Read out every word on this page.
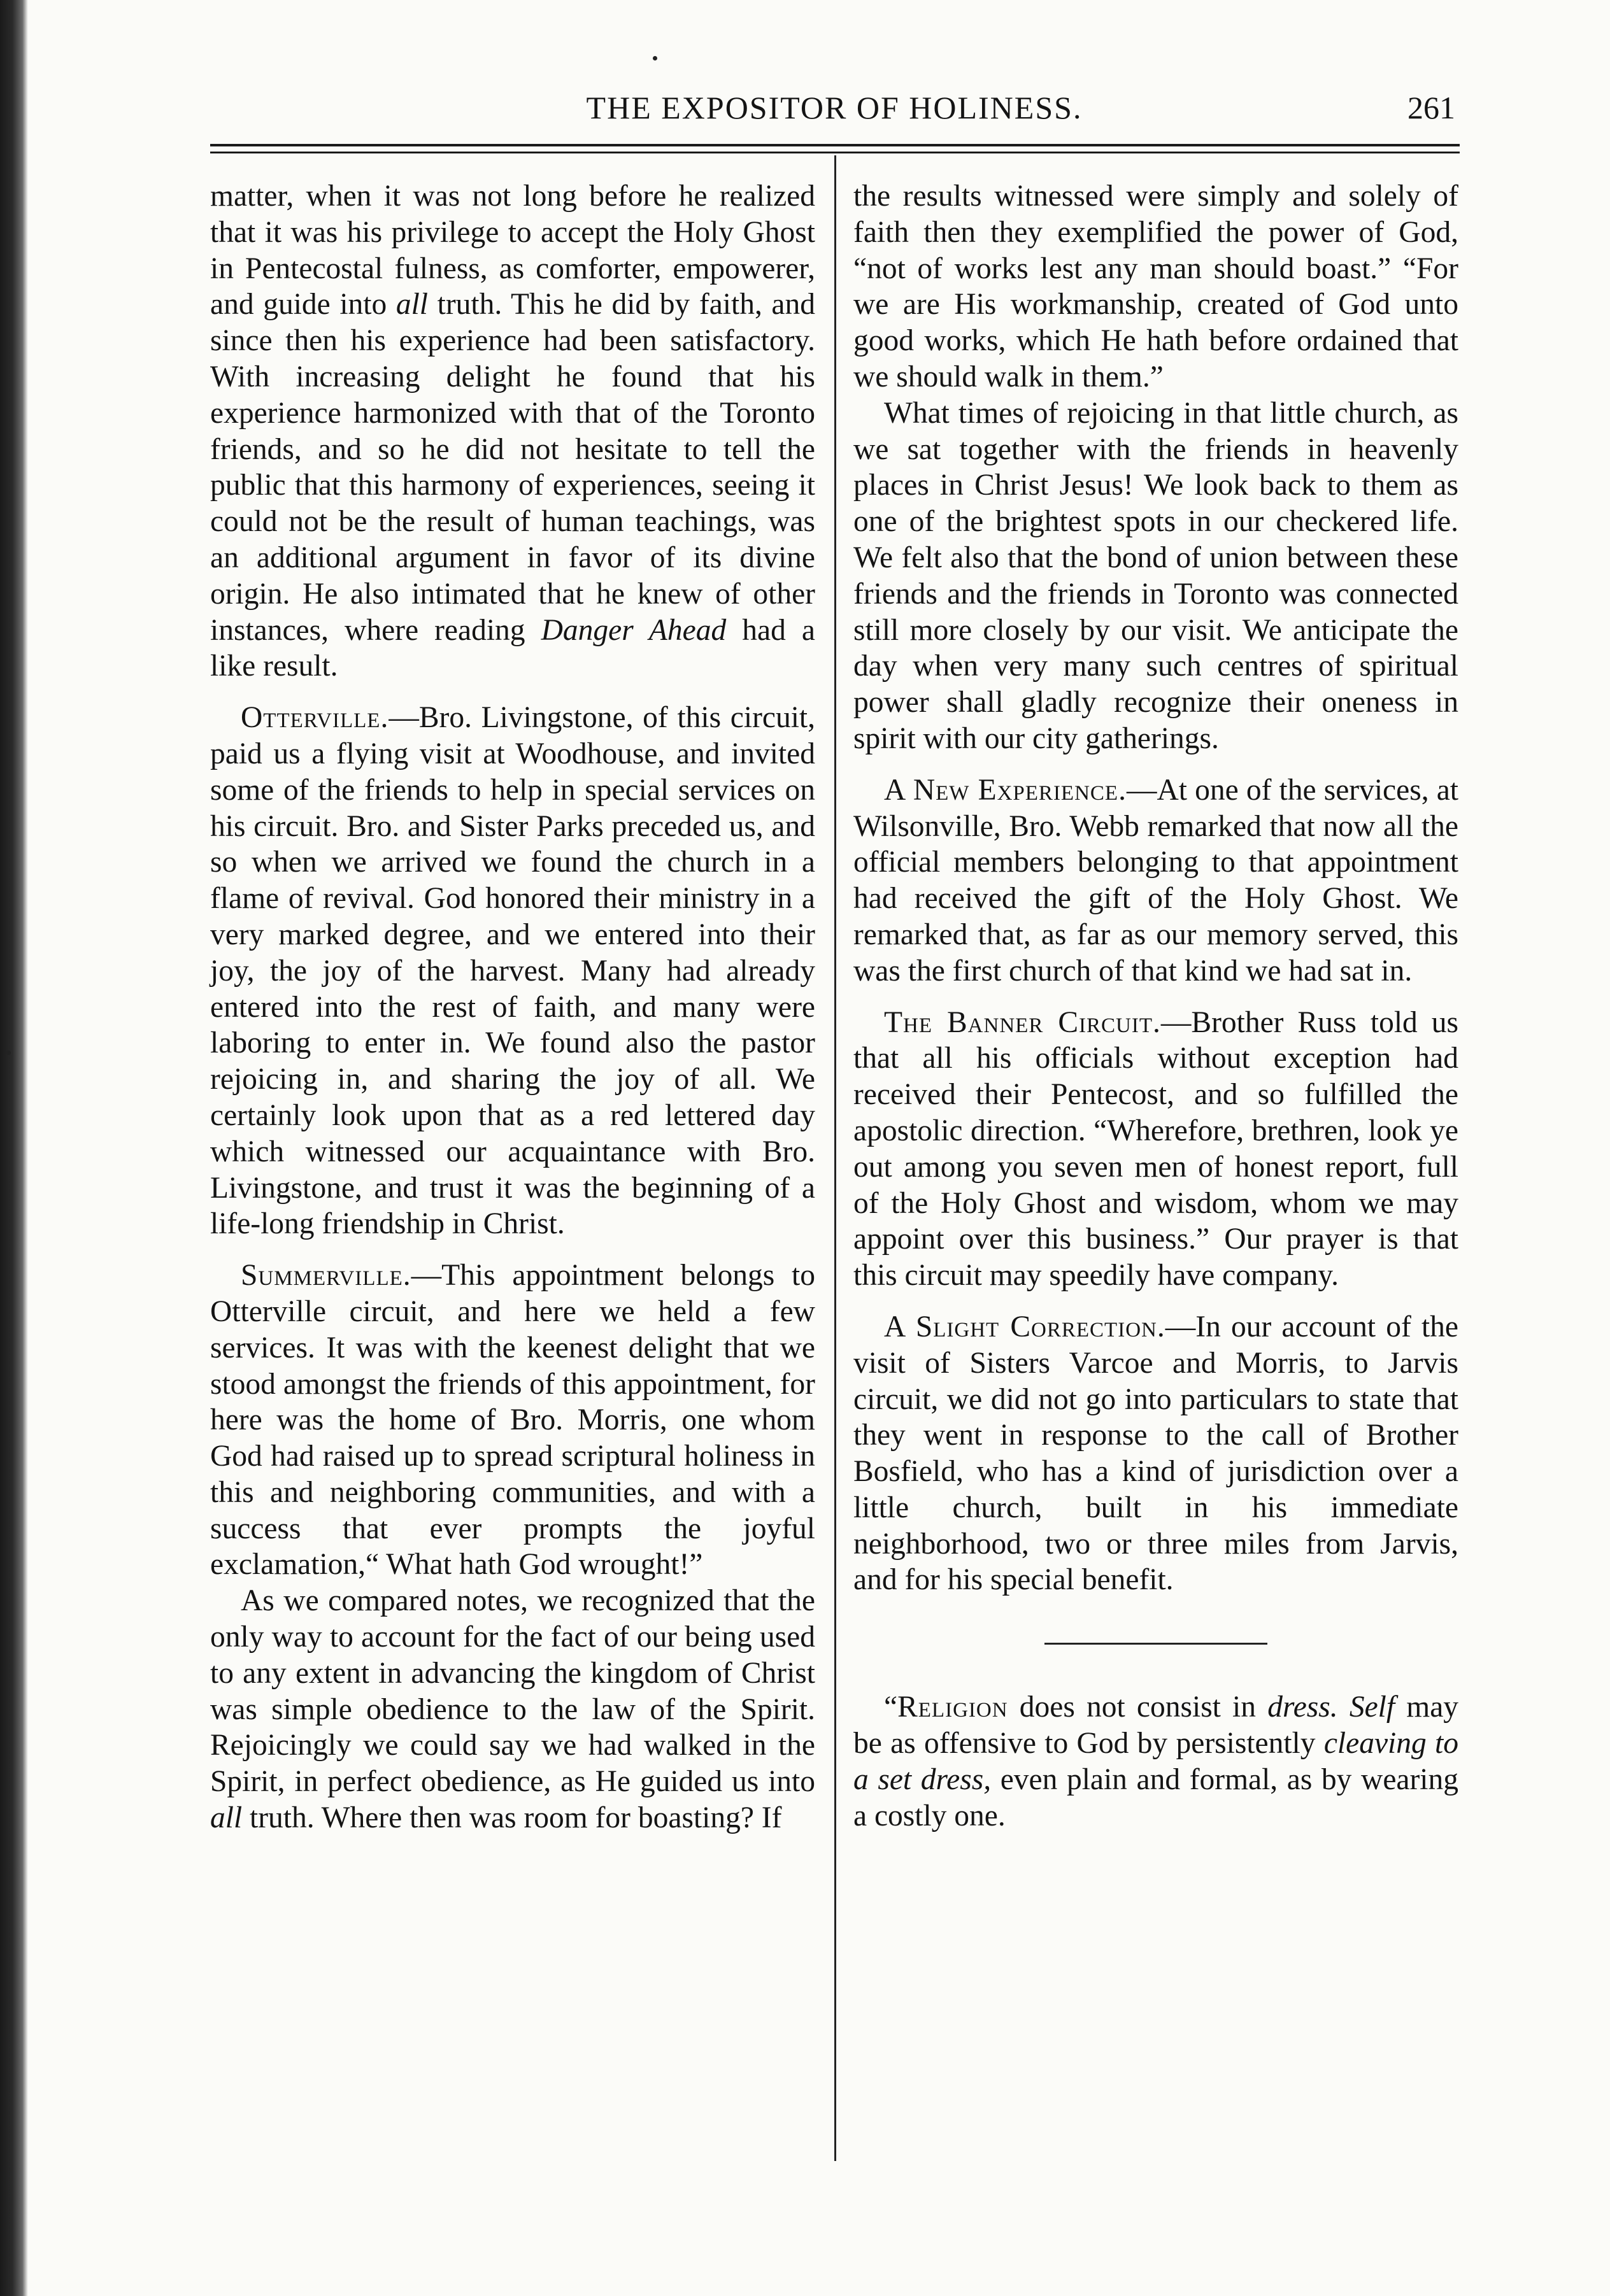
THE EXPOSITOR OF HOLINESS.	261

matter, when it was not long before he realized that it was his privilege to accept the Holy Ghost in Pentecostal fulness, as comforter, empowerer, and guide into all truth. This he did by faith, and since then his experience had been satisfactory. With increasing delight he found that his experience harmonized with that of the Toronto friends, and so he did not hesitate to tell the public that this harmony of experiences, seeing it could not be the result of human teachings, was an additional argument in favor of its divine origin. He also intimated that he knew of other instances, where reading Danger Ahead had a like result.

Otterville.—Bro. Livingstone, of this circuit, paid us a flying visit at Woodhouse, and invited some of the friends to help in special services on his circuit. Bro. and Sister Parks preceded us, and so when we arrived we found the church in a flame of revival. God honored their ministry in a very marked degree, and we entered into their joy, the joy of the harvest. Many had already entered into the rest of faith, and many were laboring to enter in. We found also the pastor rejoicing in, and sharing the joy of all. We certainly look upon that as a red lettered day which witnessed our acquaintance with Bro. Livingstone, and trust it was the beginning of a life-long friendship in Christ.

Summerville.—This appointment belongs to Otterville circuit, and here we held a few services. It was with the keenest delight that we stood amongst the friends of this appointment, for here was the home of Bro. Morris, one whom God had raised up to spread scriptural holiness in this and neighboring communities, and with a success that ever prompts the joyful exclamation,“ What hath God wrought!”

As we compared notes, we recognized that the only way to account for the fact of our being used to any extent in advancing the kingdom of Christ was simple obedience to the law of the Spirit. Rejoicingly we could say we had walked in the Spirit, in perfect obedience, as He guided us into all truth. Where then was room for boasting? If

the results witnessed were simply and solely of faith then they exemplified the power of God, “not of works lest any man should boast.” “For we are His workmanship, created of God unto good works, which He hath before ordained that we should walk in them.”

What times of rejoicing in that little church, as we sat together with the friends in heavenly places in Christ Jesus! We look back to them as one of the brightest spots in our checkered life. We felt also that the bond of union between these friends and the friends in Toronto was connected still more closely by our visit. We anticipate the day when very many such centres of spiritual power shall gladly recognize their oneness in spirit with our city gatherings.

A New Experience.—At one of the services, at Wilsonville, Bro. Webb remarked that now all the official members belonging to that appointment had received the gift of the Holy Ghost. We remarked that, as far as our memory served, this was the first church of that kind we had sat in.

The Banner Circuit.—Brother Russ told us that all his officials without exception had received their Pentecost, and so fulfilled the apostolic direction. “Wherefore, brethren, look ye out among you seven men of honest report, full of the Holy Ghost and wisdom, whom we may appoint over this business.” Our prayer is that this circuit may speedily have company.

A Slight Correction.—In our account of the visit of Sisters Varcoe and Morris, to Jarvis circuit, we did not go into particulars to state that they went in response to the call of Brother Bosfield, who has a kind of jurisdiction over a little church, built in his immediate neighborhood, two or three miles from Jarvis, and for his special benefit.

“Religion does not consist in dress. Self may be as offensive to God by persistently cleaving to a set dress, even plain and formal, as by wearing a costly one.
